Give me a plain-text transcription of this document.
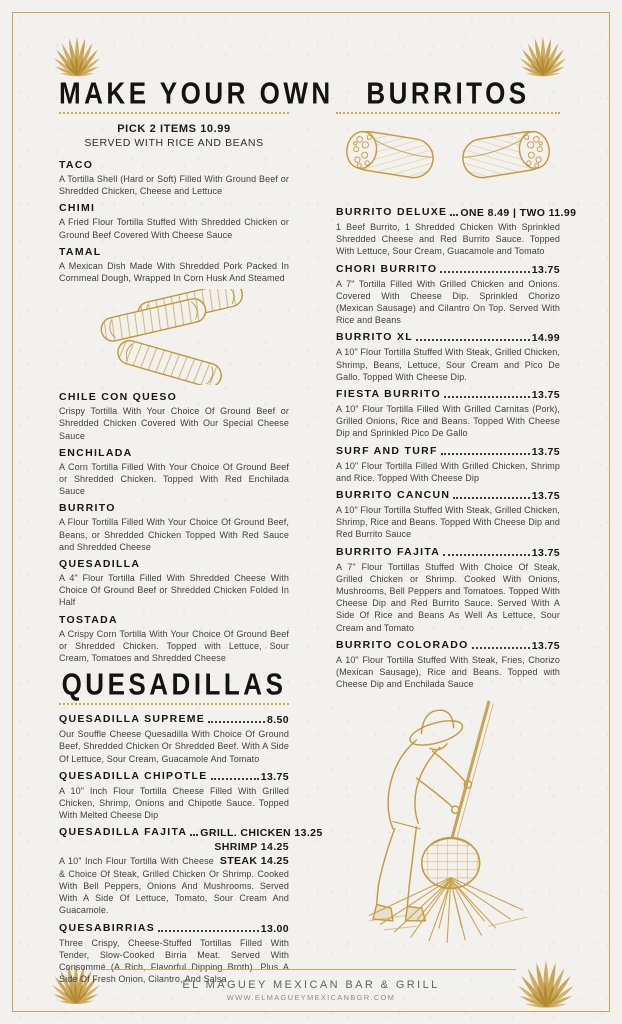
MAKE YOUR OWN
PICK 2 ITEMS 10.99
SERVED WITH RICE AND BEANS
TACO
A Tortilla Shell (Hard or Soft) Filled With Ground Beef or Shredded Chicken, Cheese and Lettuce
CHIMI
A Fried Flour Tortilla Stuffed With Shredded Chicken or Ground Beef Covered With Cheese Sauce
TAMAL
A Mexican Dish Made With Shredded Pork Packed In Cornmeal Dough, Wrapped In Corn Husk And Steamed
CHILE CON QUESO
Crispy Tortilla With Your Choice Of Ground Beef or Shredded Chicken Covered With Our Special Cheese Sauce
ENCHILADA
A Corn Tortilla Filled With Your Choice Of Ground Beef or Shredded Chicken. Topped With Red Enchilada Sauce
BURRITO
A Flour Tortilla Filled With Your Choice Of Ground Beef, Beans, or Shredded Chicken Topped With Red Sauce and Shredded Cheese
QUESADILLA
A 4" Flour Tortilla Filled With Shredded Cheese With Choice Of Ground Beef or Shredded Chicken Folded In Half
TOSTADA
A Crispy Corn Tortilla With Your Choice Of Ground Beef or Shredded Chicken. Topped with Lettuce, Sour Cream, Tomatoes and Shredded Cheese
QUESADILLAS
QUESADILLA SUPREME	8.50
Our Souffle Cheese Quesadilla With Choice Of Ground Beef, Shredded Chicken Or Shredded Beef. With A Side Of Lettuce, Sour Cream, Guacamole And Tomato
QUESADILLA CHIPOTLE	13.75
A 10" Inch Flour Tortilla Cheese Filled With Grilled Chicken, Shrimp, Onions and Chipotle Sauce. Topped With Melted Cheese Dip
QUESADILLA FAJITA GRILL. CHICKEN 13.25
SHRIMP 14.25
STEAK 14.25
A 10" Inch Flour Tortilla With Cheese & Choice Of Steak, Grilled Chicken Or Shrimp. Cooked With Bell Peppers, Onions And Mushrooms. Served With A Side Of Lettuce, Tomato, Sour Cream And Guacamole.
QUESABIRRIAS	13.00
Three Crispy, Cheese-Stuffed Tortillas Filled With Tender, Slow-Cooked Birria Meat. Served With Consommé (A Rich, Flavorful Dipping Broth). Plus A Side Of Fresh Onion, Cilantro, And Salsa
BURRITOS
BURRITO DELUXE ONE 8.49 | TWO 11.99
1 Beef Burrito, 1 Shredded Chicken With Sprinkled Shredded Cheese and Red Burrito Sauce. Topped With Lettuce, Sour Cream, Guacamole and Tomato
CHORI BURRITO	13.75
A 7" Tortilla Filled With Grilled Chicken and Onions. Covered With Cheese Dip. Sprinkled Chorizo (Mexican Sausage) and Cilantro On Top. Served With Rice and Beans
BURRITO XL	14.99
A 10" Flour Tortilla Stuffed With Steak, Grilled Chicken, Shrimp, Beans, Lettuce, Sour Cream and Pico De Gallo. Topped With Cheese Dip.
FIESTA BURRITO	13.75
A 10" Flour Tortilla Filled With Grilled Carnitas (Pork), Grilled Onions, Rice and Beans. Topped With Cheese Dip and Sprinkled Pico De Gallo
SURF AND TURF	13.75
A 10" Flour Tortilla Filled With Grilled Chicken, Shrimp and Rice. Topped With Cheese Dip
BURRITO CANCUN	13.75
A 10" Flour Tortilla Stuffed With Steak, Grilled Chicken, Shrimp, Rice and Beans. Topped With Cheese Dip and Red Burrito Sauce
BURRITO FAJITA	13.75
A 7" Flour Tortillas Stuffed With Choice Of Steak, Grilled Chicken or Shrimp. Cooked With Onions, Mushrooms, Bell Peppers and Tomatoes. Topped With Cheese Dip and Red Burrito Sauce. Served With A Side Of Rice and Beans As Well As Lettuce, Sour Cream and Tomato
BURRITO COLORADO	13.75
A 10" Flour Tortilla Stuffed With Steak, Fries, Chorizo (Mexican Sausage), Rice and Beans. Topped with Cheese Dip and Enchilada Sauce
EL MAGUEY MEXICAN BAR & GRILL
WWW.ELMAGUEYMEXICANBGR.COM
